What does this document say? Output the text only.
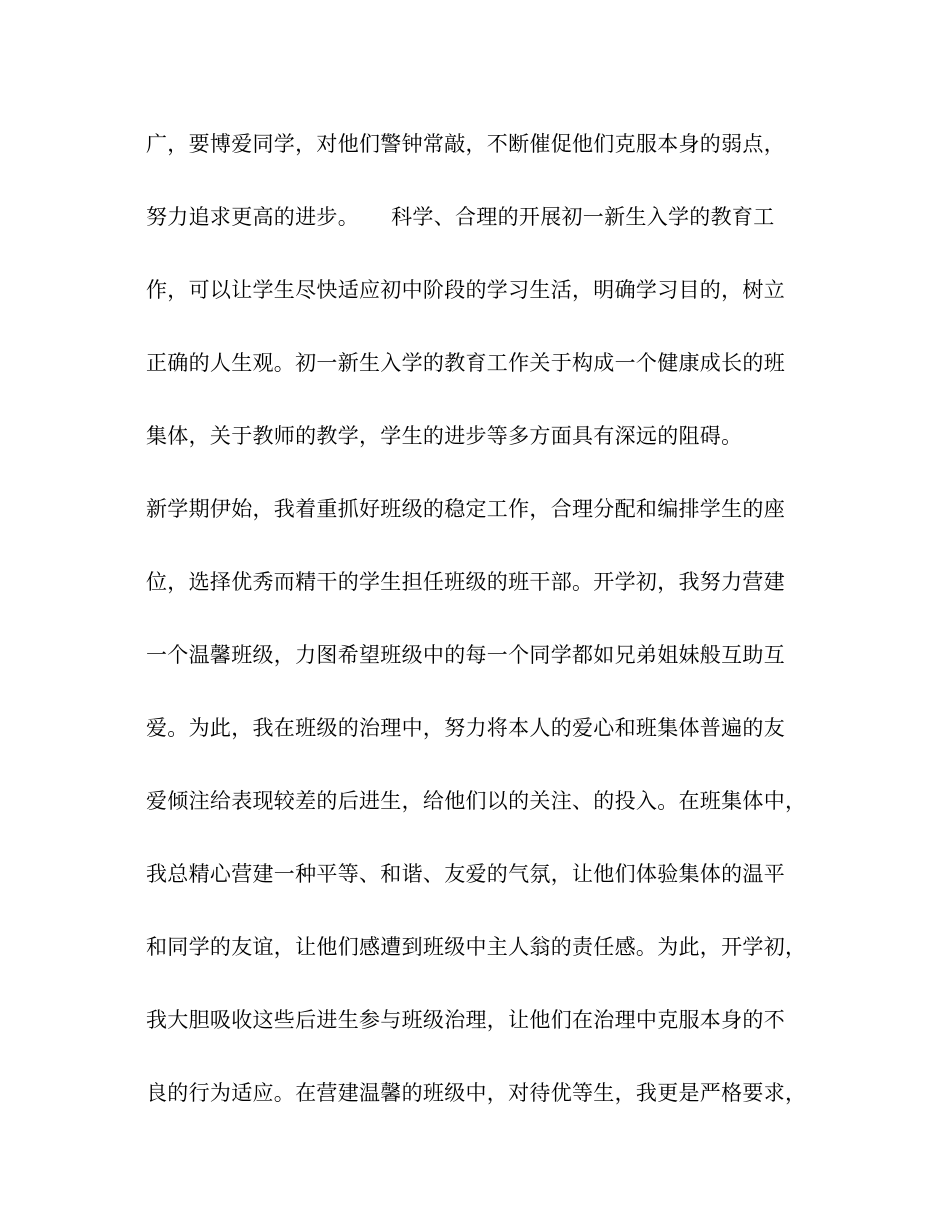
广，要博爱同学，对他们警钟常敲，不断催促他们克服本身的弱点，
努力追求更高的进步。　　科学、合理的开展初一新生入学的教育工
作，可以让学生尽快适应初中阶段的学习生活，明确学习目的，树立
正确的人生观。初一新生入学的教育工作关于构成一个健康成长的班
集体，关于教师的教学，学生的进步等多方面具有深远的阻碍。
新学期伊始，我着重抓好班级的稳定工作，合理分配和编排学生的座
位，选择优秀而精干的学生担任班级的班干部。开学初，我努力营建
一个温馨班级，力图希望班级中的每一个同学都如兄弟姐妹般互助互
爱。为此，我在班级的治理中，努力将本人的爱心和班集体普遍的友
爱倾注给表现较差的后进生，给他们以的关注、的投入。在班集体中，
我总精心营建一种平等、和谐、友爱的气氛，让他们体验集体的温平
和同学的友谊，让他们感遭到班级中主人翁的责任感。为此，开学初，
我大胆吸收这些后进生参与班级治理，让他们在治理中克服本身的不
良的行为适应。在营建温馨的班级中，对待优等生，我更是严格要求，
